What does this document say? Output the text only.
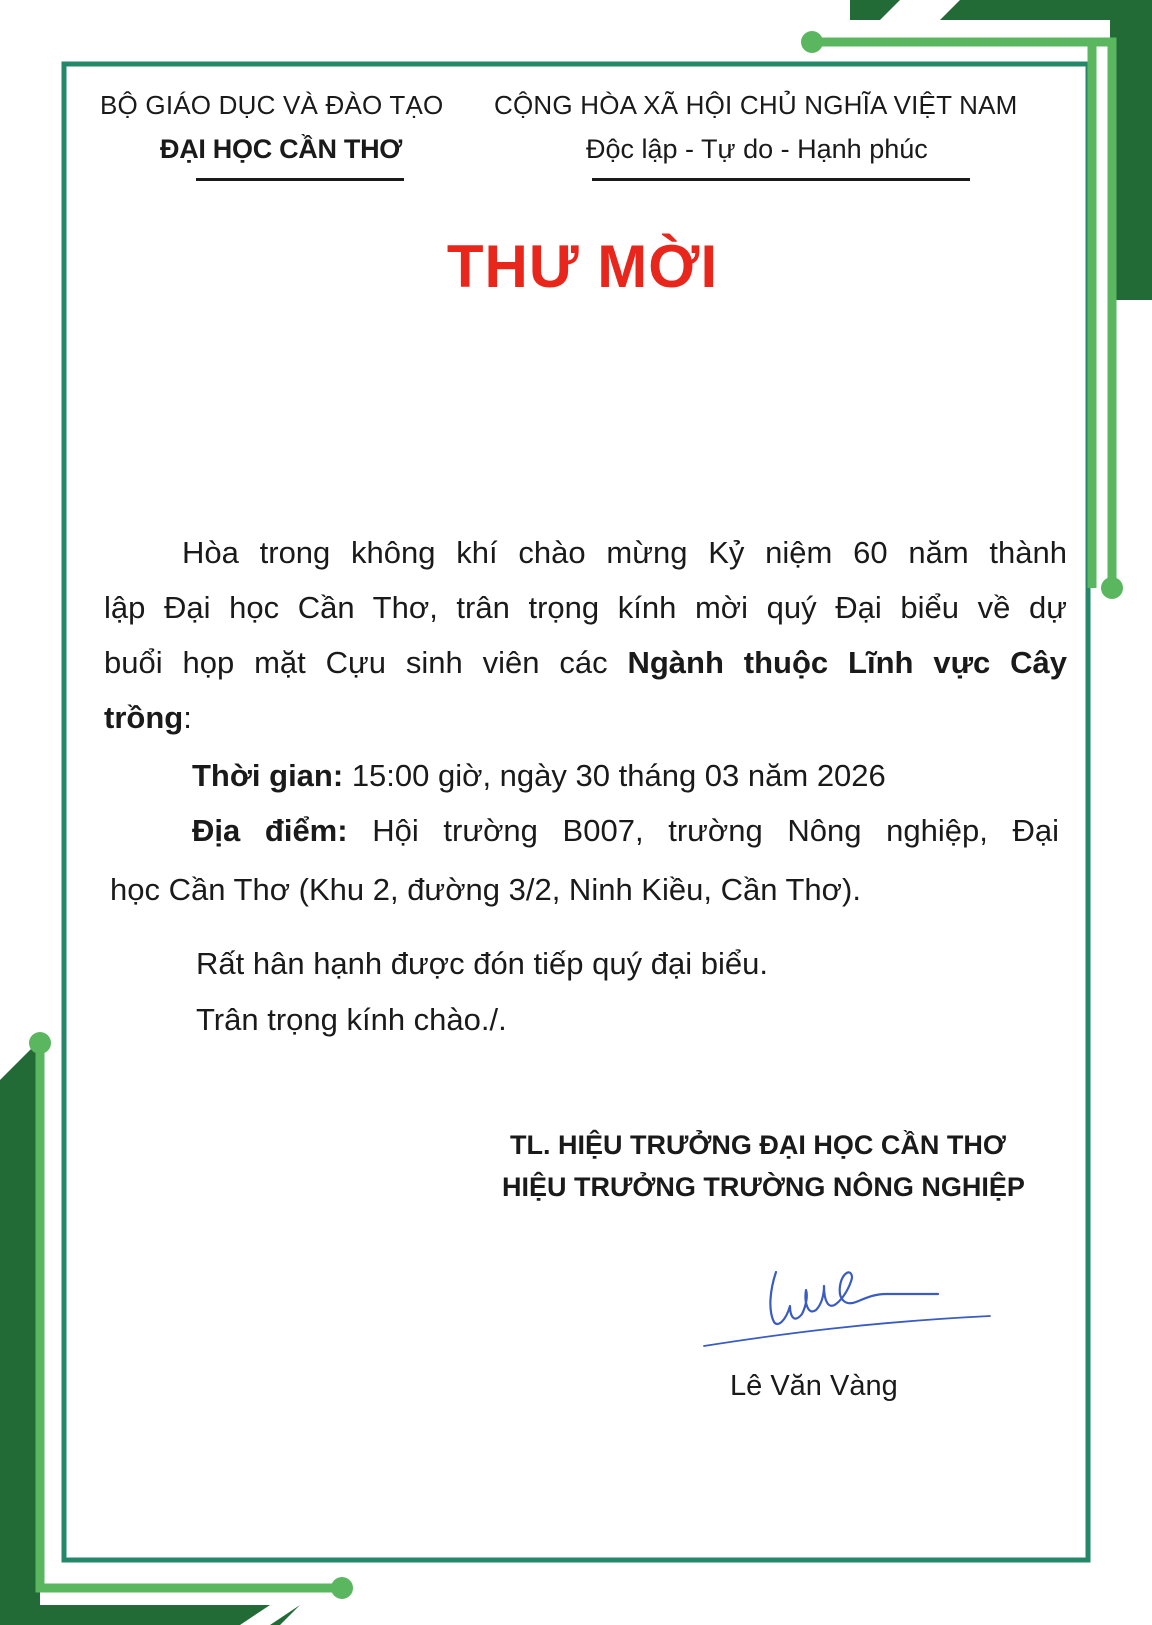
BỘ GIÁO DỤC VÀ ĐÀO TẠO
ĐẠI HỌC CẦN THƠ
CỘNG HÒA XÃ HỘI CHỦ NGHĨA VIỆT NAM
Độc lập - Tự do - Hạnh phúc
THƯ MỜI
Hòa trong không khí chào mừng Kỷ niệm 60 năm thành
lập Đại học Cần Thơ, trân trọng kính mời quý Đại biểu về dự
buổi họp mặt Cựu sinh viên các Ngành thuộc Lĩnh vực Cây
trồng:
Thời gian: 15:00 giờ, ngày 30 tháng 03 năm 2026
Địa điểm: Hội trường B007, trường Nông nghiệp, Đại
học Cần Thơ (Khu 2, đường 3/2, Ninh Kiều, Cần Thơ).
Rất hân hạnh được đón tiếp quý đại biểu.
Trân trọng kính chào./.
TL. HIỆU TRƯỞNG ĐẠI HỌC CẦN THƠ
HIỆU TRƯỞNG TRƯỜNG NÔNG NGHIỆP
Lê Văn Vàng
